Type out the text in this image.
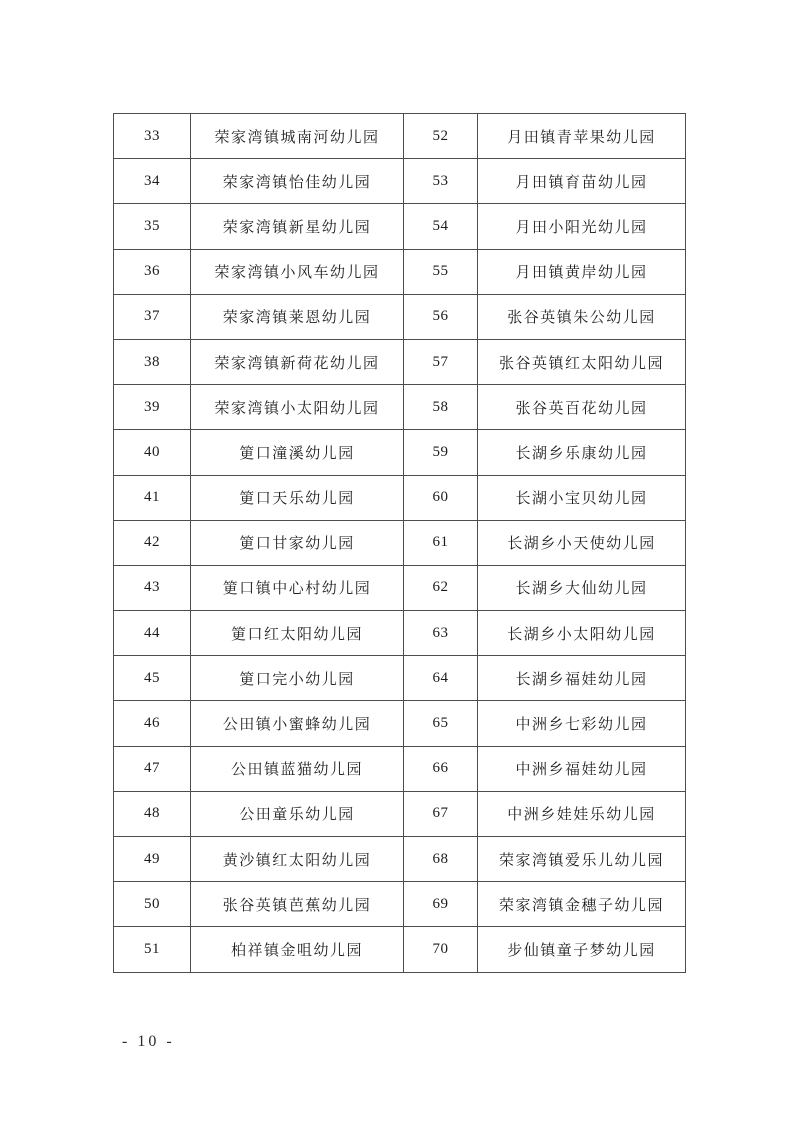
33	荣家湾镇城南河幼儿园	52	月田镇青苹果幼儿园
34	荣家湾镇怡佳幼儿园	53	月田镇育苗幼儿园
35	荣家湾镇新星幼儿园	54	月田小阳光幼儿园
36	荣家湾镇小风车幼儿园	55	月田镇黄岸幼儿园
37	荣家湾镇莱恩幼儿园	56	张谷英镇朱公幼儿园
38	荣家湾镇新荷花幼儿园	57	张谷英镇红太阳幼儿园
39	荣家湾镇小太阳幼儿园	58	张谷英百花幼儿园
40	筻口潼溪幼儿园	59	长湖乡乐康幼儿园
41	筻口天乐幼儿园	60	长湖小宝贝幼儿园
42	筻口甘家幼儿园	61	长湖乡小天使幼儿园
43	筻口镇中心村幼儿园	62	长湖乡大仙幼儿园
44	筻口红太阳幼儿园	63	长湖乡小太阳幼儿园
45	筻口完小幼儿园	64	长湖乡福娃幼儿园
46	公田镇小蜜蜂幼儿园	65	中洲乡七彩幼儿园
47	公田镇蓝猫幼儿园	66	中洲乡福娃幼儿园
48	公田童乐幼儿园	67	中洲乡娃娃乐幼儿园
49	黄沙镇红太阳幼儿园	68	荣家湾镇爱乐儿幼儿园
50	张谷英镇芭蕉幼儿园	69	荣家湾镇金穗子幼儿园
51	柏祥镇金咀幼儿园	70	步仙镇童子梦幼儿园
- 10 -
